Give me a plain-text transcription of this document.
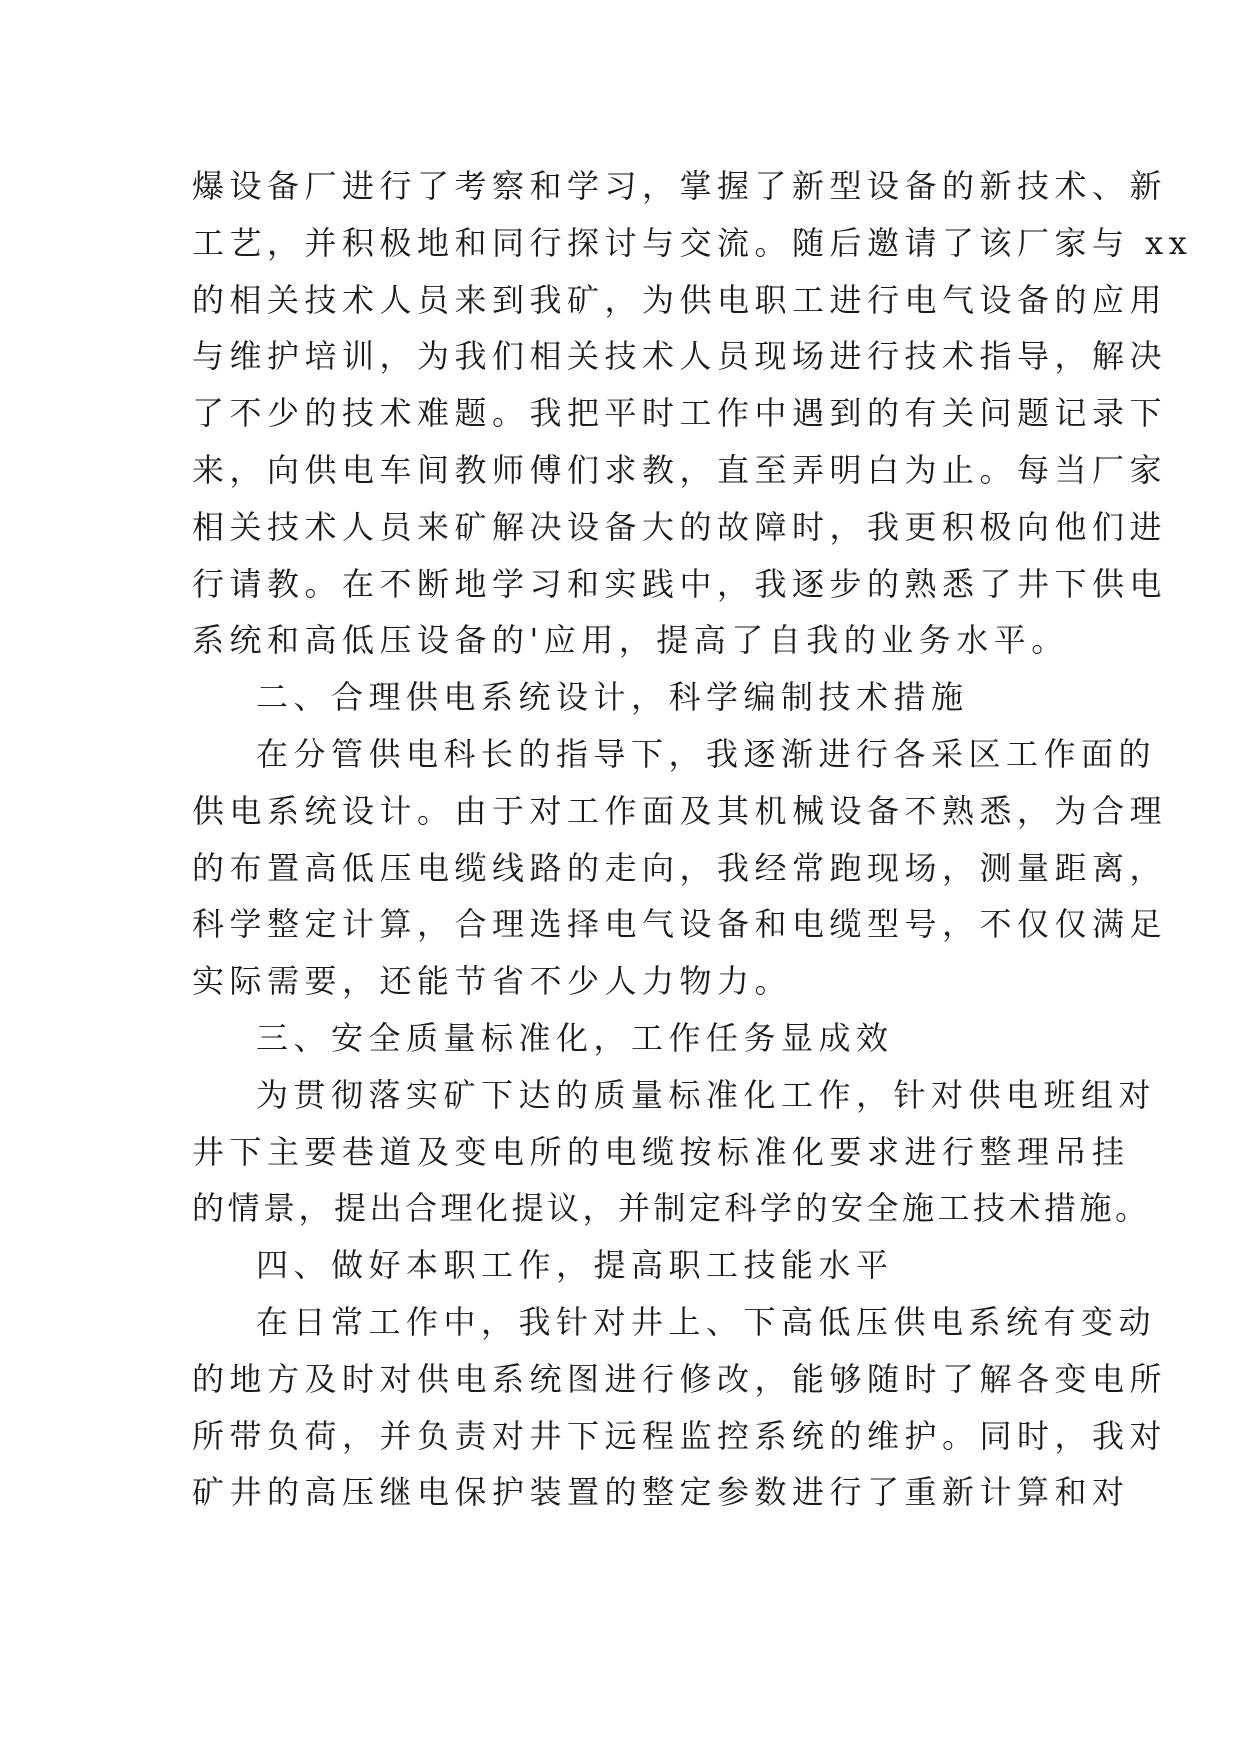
爆设备厂进行了考察和学习，掌握了新型设备的新技术、新
工艺，并积极地和同行探讨与交流。随后邀请了该厂家与 xx
的相关技术人员来到我矿，为供电职工进行电气设备的应用
与维护培训，为我们相关技术人员现场进行技术指导，解决
了不少的技术难题。我把平时工作中遇到的有关问题记录下
来，向供电车间教师傅们求教，直至弄明白为止。每当厂家
相关技术人员来矿解决设备大的故障时，我更积极向他们进
行请教。在不断地学习和实践中，我逐步的熟悉了井下供电
系统和高低压设备的'应用，提高了自我的业务水平。
二、合理供电系统设计，科学编制技术措施
在分管供电科长的指导下，我逐渐进行各采区工作面的
供电系统设计。由于对工作面及其机械设备不熟悉，为合理
的布置高低压电缆线路的走向，我经常跑现场，测量距离，
科学整定计算，合理选择电气设备和电缆型号，不仅仅满足
实际需要，还能节省不少人力物力。
三、安全质量标准化，工作任务显成效
为贯彻落实矿下达的质量标准化工作，针对供电班组对
井下主要巷道及变电所的电缆按标准化要求进行整理吊挂
的情景，提出合理化提议，并制定科学的安全施工技术措施。
四、做好本职工作，提高职工技能水平
在日常工作中，我针对井上、下高低压供电系统有变动
的地方及时对供电系统图进行修改，能够随时了解各变电所
所带负荷，并负责对井下远程监控系统的维护。同时，我对
矿井的高压继电保护装置的整定参数进行了重新计算和对
